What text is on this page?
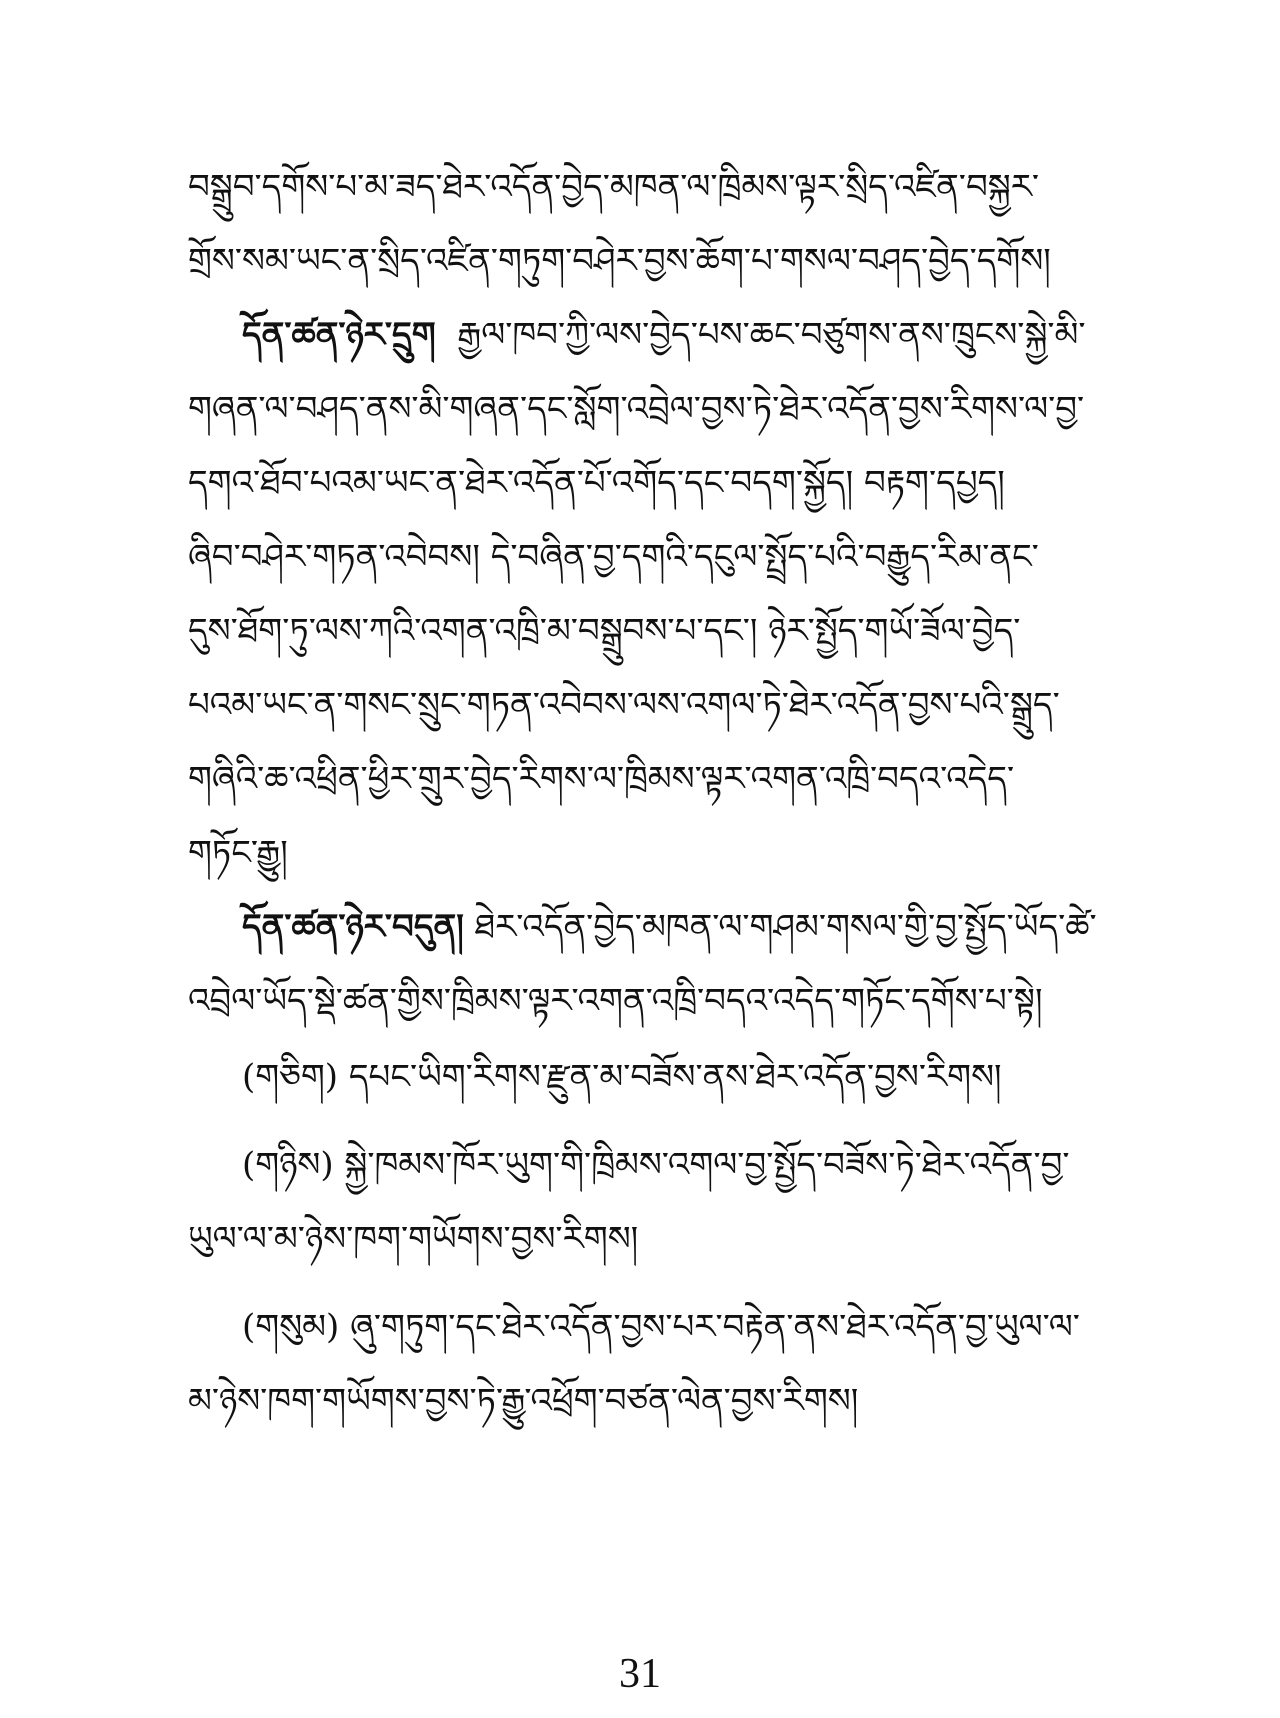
བསྒྲུབ་དགོས་པ་མ་ཟད་ཐེར་འདོན་བྱེད་མཁན་ལ་ཁྲིམས་ལྟར་སྲིད་འཛིན་བསྐྱར་
གྲོས་སམ་ཡང་ན་སྲིད་འཛིན་གཏུག་བཤེར་བྱས་ཆོག་པ་གསལ་བཤད་བྱེད་དགོས།
དོན་ཚན་ཉེར་དྲུག རྒྱལ་ཁབ་ཀྱི་ལས་བྱེད་པས་ཆང་བཙུགས་ནས་ཁྲུངས་སྐྱེ་མི་
གཞན་ལ་བཤད་ནས་མི་གཞན་དང་སློག་འབྲེལ་བྱས་ཏེ་ཐེར་འདོན་བྱས་རིགས་ལ་བྱ་
དགའ་ཐོབ་པའམ་ཡང་ན་ཐེར་འདོན་པོ་འགོད་དང་བདག་སྐྱོད། བརྟག་དཔྱད།
ཞིབ་བཤེར་གཏན་འབེབས། དེ་བཞིན་བྱ་དགའི་དངུལ་སྤྲོད་པའི་བརྒྱུད་རིམ་ནང་
དུས་ཐོག་ཏུ་ལས་ཀའི་འགན་འཁྲི་མ་བསྒྲུབས་པ་དང་། ཉེར་སྤྱོད་གཡོ་ཟོལ་བྱེད་
པའམ་ཡང་ན་གསང་སྲུང་གཏན་འབེབས་ལས་འགལ་ཏེ་ཐེར་འདོན་བྱས་པའི་སྒྲུད་
གཞིའི་ཆ་འཕྲིན་ཕྱིར་གྲུར་བྱེད་རིགས་ལ་ཁྲིམས་ལྟར་འགན་འཁྲི་བདའ་འདེད་
གཏོང་རྒྱུ།
དོན་ཚན་ཉེར་བདུན། ཐེར་འདོན་བྱེད་མཁན་ལ་གཤམ་གསལ་གྱི་བྱ་སྤྱོད་ཡོད་ཚེ་
འབྲེལ་ཡོད་སྡེ་ཚན་གྱིས་ཁྲིམས་ལྟར་འགན་འཁྲི་བདའ་འདེད་གཏོང་དགོས་པ་སྟེ།
(གཅིག) དཔང་ཡིག་རིགས་རྫུན་མ་བཟོས་ནས་ཐེར་འདོན་བྱས་རིགས།
(གཉིས) སྐྱེ་ཁམས་ཁོར་ཡུག་གི་ཁྲིམས་འགལ་བྱ་སྤྱོད་བཟོས་ཏེ་ཐེར་འདོན་བྱ་
ཡུལ་ལ་མ་ཉེས་ཁག་གཡོགས་བྱས་རིགས།
(གསུམ) ཞུ་གཏུག་དང་ཐེར་འདོན་བྱས་པར་བརྟེན་ནས་ཐེར་འདོན་བྱ་ཡུལ་ལ་
མ་ཉེས་ཁག་གཡོགས་བྱས་ཏེ་རྒྱུ་འཕྲོག་བཙན་ལེན་བྱས་རིགས།
31
